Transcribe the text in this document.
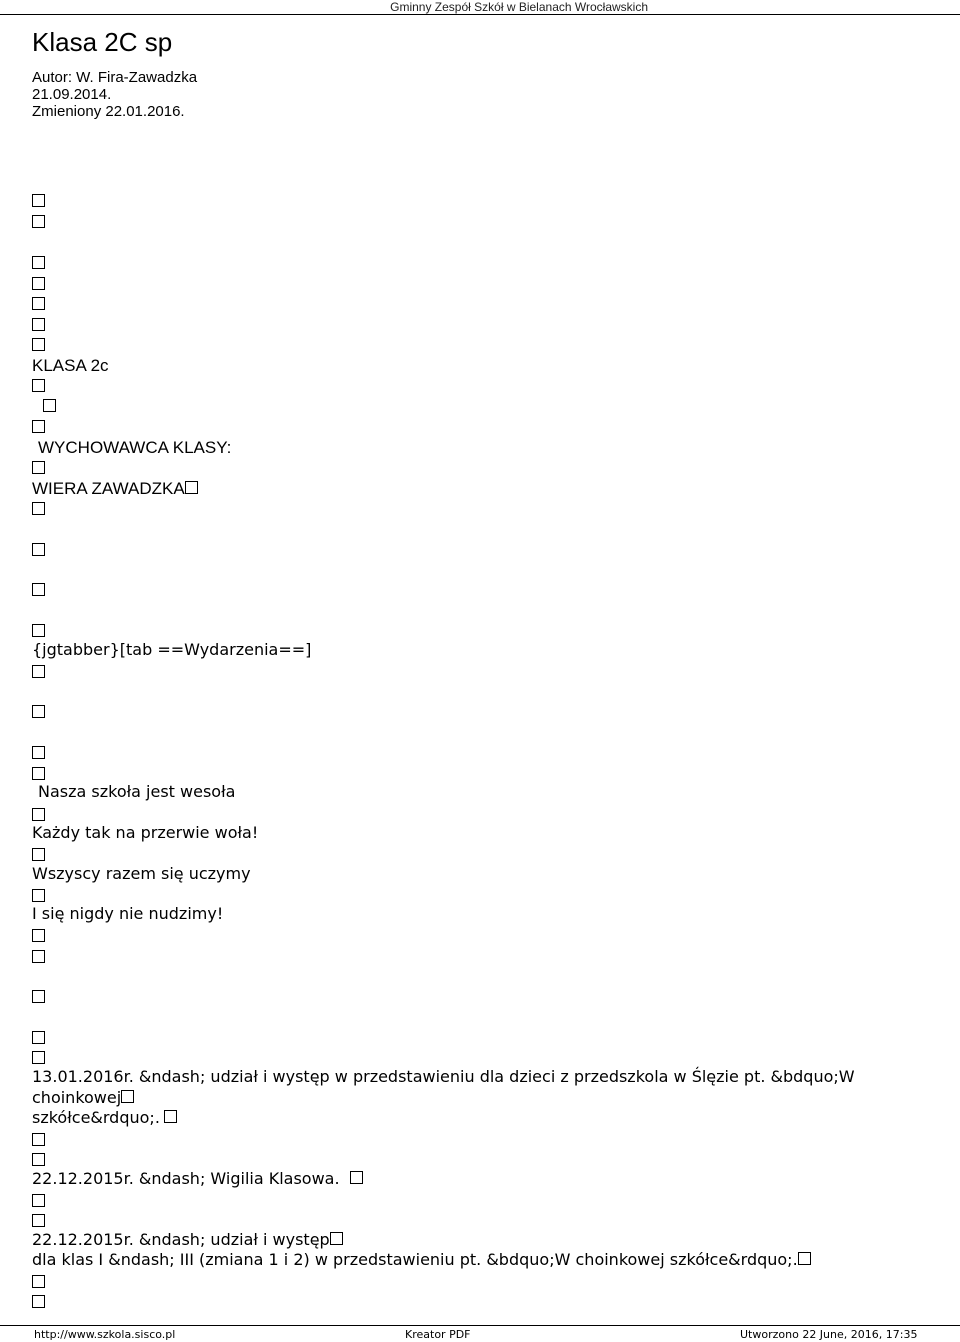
Gminny Zespół Szkół w Bielanach Wrocławskich
Klasa 2C sp
Autor: W. Fira-Zawadzka
21.09.2014.
Zmieniony 22.01.2016.
KLASA 2c
WYCHOWAWCA KLASY:
WIERA ZAWADZKA
{jgtabber}[tab ==Wydarzenia==]
Nasza szkoła jest wesoła
Każdy tak na przerwie woła!
Wszyscy razem się uczymy
I się nigdy nie nudzimy!
13.01.2016r. &ndash; udział i występ w przedstawieniu dla dzieci z przedszkola w Ślęzie pt. &bdquo;W
choinkowej
szkółce&rdquo;.
22.12.2015r. &ndash; Wigilia Klasowa.
22.12.2015r. &ndash; udział i występ
dla klas I &ndash; III (zmiana 1 i 2) w przedstawieniu pt. &bdquo;W choinkowej szkółce&rdquo;.
http://www.szkola.sisco.pl	Kreator PDF	Utworzono 22 June, 2016, 17:35
